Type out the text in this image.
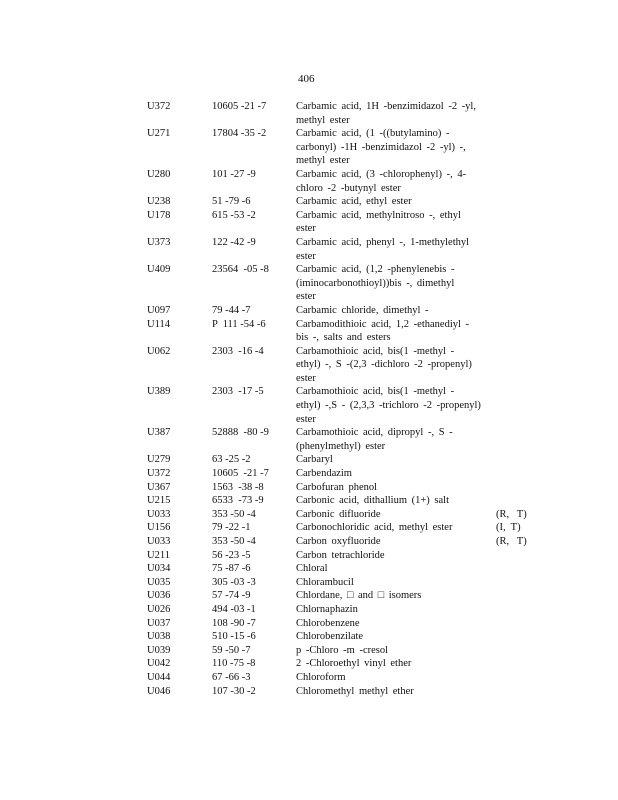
406
U372	10605 -21 -7	Carbamic acid, 1H -benzimidazol -2 -yl,
methyl ester
U271	17804 -35 -2	Carbamic acid, (1 -((butylamino) -
carbonyl) -1H -benzimidazol -2 -yl) -,
methyl ester
U280	101 -27 -9	Carbamic acid, (3 -chlorophenyl) -, 4-
chloro -2 -butynyl ester
U238	51 -79 -6	Carbamic acid, ethyl ester
U178	615 -53 -2	Carbamic acid, methylnitroso -, ethyl
ester
U373	122 -42 -9	Carbamic acid, phenyl -, 1-methylethyl
ester
U409	23564  -05 -8	Carbamic acid, (1,2 -phenylenebis -
(iminocarbonothioyl))bis -, dimethyl
ester
U097	79 -44 -7	Carbamic chloride, dimethyl -
U114	P  111 -54 -6	Carbamodithioic acid, 1,2 -ethanediyl -
bis -, salts and esters
U062	2303  -16 -4	Carbamothioic acid, bis(1 -methyl -
ethyl) -, S -(2,3 -dichloro -2 -propenyl)
ester
U389	2303  -17 -5	Carbamothioic acid, bis(1 -methyl -
ethyl) -,S - (2,3,3 -trichloro -2 -propenyl)
ester
U387	52888  -80 -9	Carbamothioic acid, dipropyl -, S -
(phenylmethyl) ester
U279	63 -25 -2	Carbaryl
U372	10605  -21 -7	Carbendazim
U367	1563  -38 -8	Carbofuran phenol
U215	6533  -73 -9	Carbonic acid, dithallium (1+) salt
U033	353 -50 -4	Carbonic difluoride	(R,   T)
U156	79 -22 -1	Carbonochloridic acid, methyl ester	(I,  T)
U033	353 -50 -4	Carbon oxyfluoride	(R,   T)
U211	56 -23 -5	Carbon tetrachloride
U034	75 -87 -6	Chloral
U035	305 -03 -3	Chlorambucil
U036	57 -74 -9	Chlordane, □ and □ isomers
U026	494 -03 -1	Chlornaphazin
U037	108 -90 -7	Chlorobenzene
U038	510 -15 -6	Chlorobenzilate
U039	59 -50 -7	p -Chloro -m -cresol
U042	110 -75 -8	2 -Chloroethyl vinyl ether
U044	67 -66 -3	Chloroform
U046	107 -30 -2	Chloromethyl methyl ether
